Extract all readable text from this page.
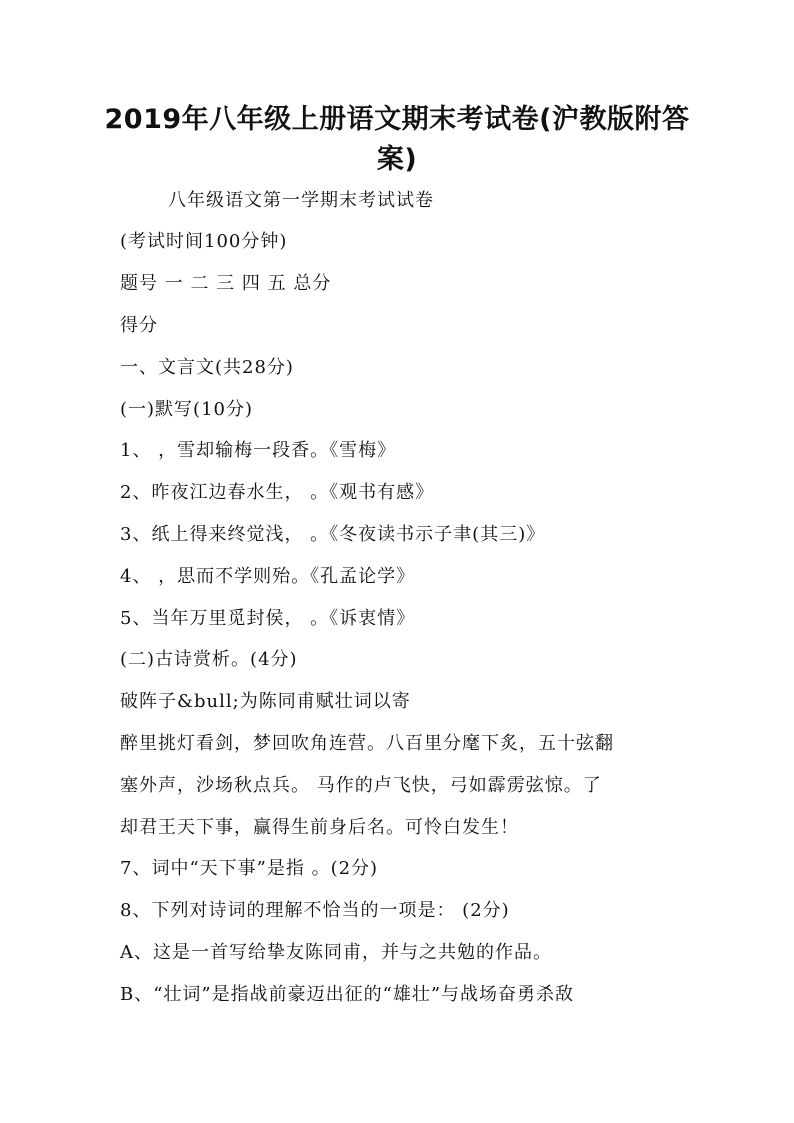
2019年八年级上册语文期末考试卷(沪教版附答
案)
八年级语文第一学期末考试试卷
(考试时间100分钟)
题号 一 二 三 四 五 总分
得分
一、文言文(共28分)
(一)默写(10分)
1、 ，雪却输梅一段香。《雪梅》
2、昨夜江边春水生， 。《观书有感》
3、纸上得来终觉浅， 。《冬夜读书示子聿(其三)》
4、 ，思而不学则殆。《孔孟论学》
5、当年万里觅封侯， 。《诉衷情》
(二)古诗赏析。(4分)
破阵子&bull;为陈同甫赋壮词以寄
醉里挑灯看剑，梦回吹角连营。八百里分麾下炙，五十弦翻
塞外声，沙场秋点兵。 马作的卢飞快，弓如霹雳弦惊。了
却君王天下事，赢得生前身后名。可怜白发生！
7、词中“天下事”是指 。(2分)
8、下列对诗词的理解不恰当的一项是： (2分)
A、这是一首写给挚友陈同甫，并与之共勉的作品。
B、“壮词”是指战前豪迈出征的“雄壮”与战场奋勇杀敌
